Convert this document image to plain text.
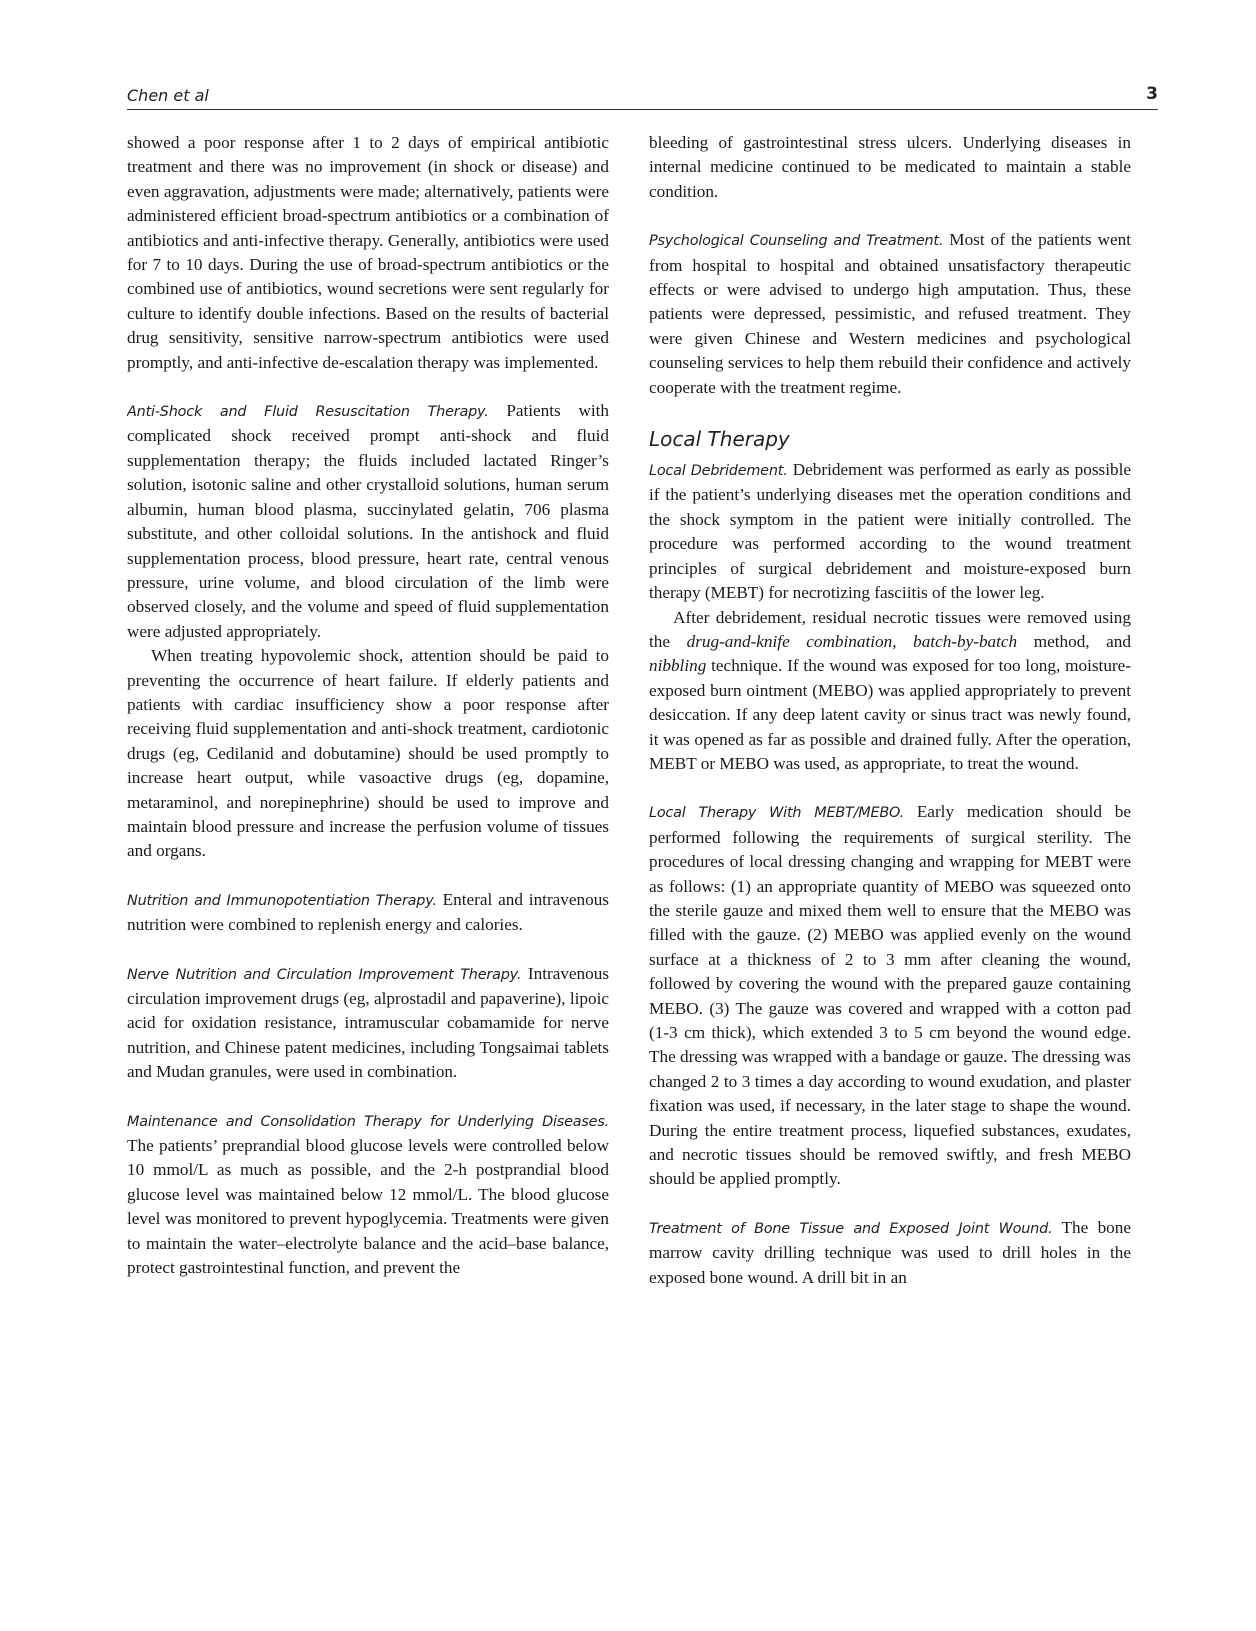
Chen et al	3

showed a poor response after 1 to 2 days of empirical antibiotic treatment and there was no improvement (in shock or disease) and even aggravation, adjustments were made; alternatively, patients were administered efficient broad-spectrum antibiotics or a combination of antibiotics and anti-infective therapy. Generally, antibiotics were used for 7 to 10 days. During the use of broad-spectrum antibiotics or the combined use of antibiotics, wound secretions were sent regularly for culture to identify double infections. Based on the results of bacterial drug sensitivity, sensitive narrow-spectrum antibiotics were used promptly, and anti-infective de-escalation therapy was implemented.

Anti-Shock and Fluid Resuscitation Therapy. Patients with complicated shock received prompt anti-shock and fluid supplementation therapy; the fluids included lactated Ringer’s solution, isotonic saline and other crystalloid solutions, human serum albumin, human blood plasma, succinylated gelatin, 706 plasma substitute, and other colloidal solutions. In the antishock and fluid supplementation process, blood pressure, heart rate, central venous pressure, urine volume, and blood circulation of the limb were observed closely, and the volume and speed of fluid supplementation were adjusted appropriately.

When treating hypovolemic shock, attention should be paid to preventing the occurrence of heart failure. If elderly patients and patients with cardiac insufficiency show a poor response after receiving fluid supplementation and anti-shock treatment, cardiotonic drugs (eg, Cedilanid and dobutamine) should be used promptly to increase heart output, while vasoactive drugs (eg, dopamine, metaraminol, and norepinephrine) should be used to improve and maintain blood pressure and increase the perfusion volume of tissues and organs.

Nutrition and Immunopotentiation Therapy. Enteral and intravenous nutrition were combined to replenish energy and calories.

Nerve Nutrition and Circulation Improvement Therapy. Intravenous circulation improvement drugs (eg, alprostadil and papaverine), lipoic acid for oxidation resistance, intramuscular cobamamide for nerve nutrition, and Chinese patent medicines, including Tongsaimai tablets and Mudan granules, were used in combination.

Maintenance and Consolidation Therapy for Underlying Diseases. The patients’ preprandial blood glucose levels were controlled below 10 mmol/L as much as possible, and the 2-h postprandial blood glucose level was maintained below 12 mmol/L. The blood glucose level was monitored to prevent hypoglycemia. Treatments were given to maintain the water–electrolyte balance and the acid–base balance, protect gastrointestinal function, and prevent the

bleeding of gastrointestinal stress ulcers. Underlying diseases in internal medicine continued to be medicated to maintain a stable condition.

Psychological Counseling and Treatment. Most of the patients went from hospital to hospital and obtained unsatisfactory therapeutic effects or were advised to undergo high amputation. Thus, these patients were depressed, pessimistic, and refused treatment. They were given Chinese and Western medicines and psychological counseling services to help them rebuild their confidence and actively cooperate with the treatment regime.

Local Therapy

Local Debridement. Debridement was performed as early as possible if the patient’s underlying diseases met the operation conditions and the shock symptom in the patient were initially controlled. The procedure was performed according to the wound treatment principles of surgical debridement and moisture-exposed burn therapy (MEBT) for necrotizing fasciitis of the lower leg.

After debridement, residual necrotic tissues were removed using the drug-and-knife combination, batch-by-batch method, and nibbling technique. If the wound was exposed for too long, moisture-exposed burn ointment (MEBO) was applied appropriately to prevent desiccation. If any deep latent cavity or sinus tract was newly found, it was opened as far as possible and drained fully. After the operation, MEBT or MEBO was used, as appropriate, to treat the wound.

Local Therapy With MEBT/MEBO. Early medication should be performed following the requirements of surgical sterility. The procedures of local dressing changing and wrapping for MEBT were as follows: (1) an appropriate quantity of MEBO was squeezed onto the sterile gauze and mixed them well to ensure that the MEBO was filled with the gauze. (2) MEBO was applied evenly on the wound surface at a thickness of 2 to 3 mm after cleaning the wound, followed by covering the wound with the prepared gauze containing MEBO. (3) The gauze was covered and wrapped with a cotton pad (1-3 cm thick), which extended 3 to 5 cm beyond the wound edge. The dressing was wrapped with a bandage or gauze. The dressing was changed 2 to 3 times a day according to wound exudation, and plaster fixation was used, if necessary, in the later stage to shape the wound. During the entire treatment process, liquefied substances, exudates, and necrotic tissues should be removed swiftly, and fresh MEBO should be applied promptly.

Treatment of Bone Tissue and Exposed Joint Wound. The bone marrow cavity drilling technique was used to drill holes in the exposed bone wound. A drill bit in an
